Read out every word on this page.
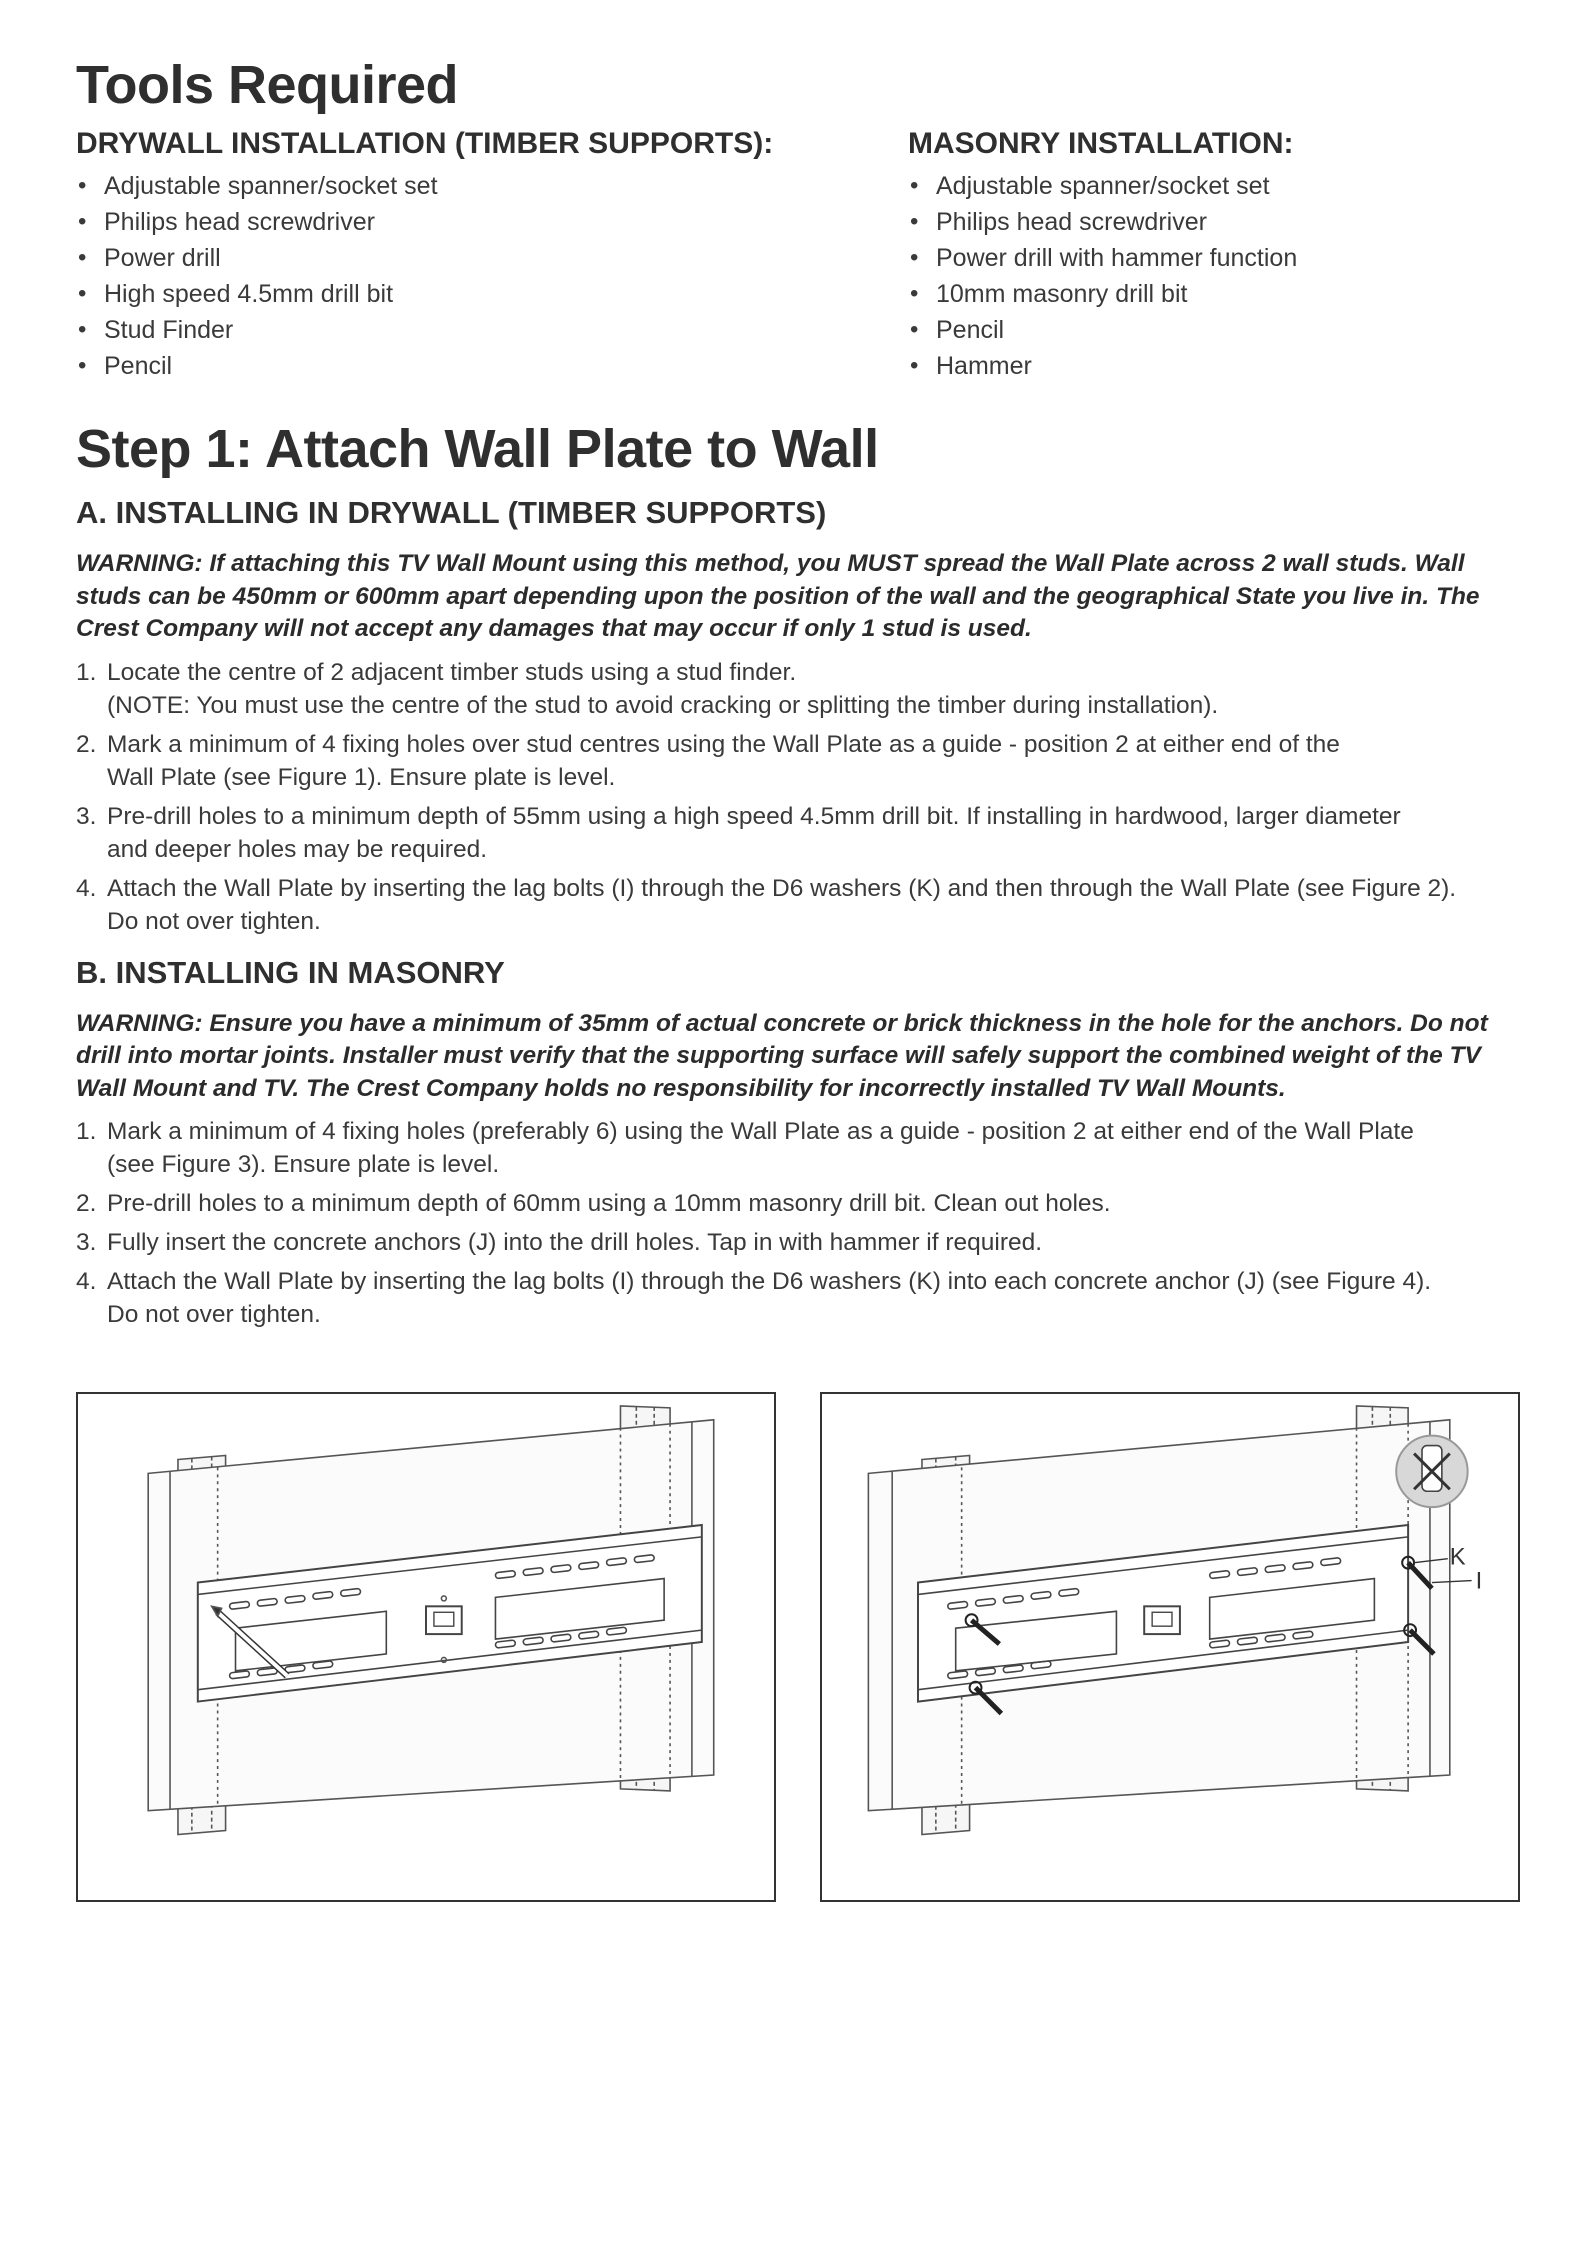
Tools Required
DRYWALL INSTALLATION (TIMBER SUPPORTS):
• Adjustable spanner/socket set
• Philips head screwdriver
• Power drill
• High speed 4.5mm drill bit
• Stud Finder
• Pencil
MASONRY INSTALLATION:
• Adjustable spanner/socket set
• Philips head screwdriver
• Power drill with hammer function
• 10mm masonry drill bit
• Pencil
• Hammer
Step 1: Attach Wall Plate to Wall
A. INSTALLING IN DRYWALL (TIMBER SUPPORTS)

WARNING: If attaching this TV Wall Mount using this method, you MUST spread the Wall Plate across 2 wall studs. Wall studs can be 450mm or 600mm apart depending upon the position of the wall and the geographical State you live in. The Crest Company will not accept any damages that may occur if only 1 stud is used.

1. Locate the centre of 2 adjacent timber studs using a stud finder.
(NOTE: You must use the centre of the stud to avoid cracking or splitting the timber during installation).
2. Mark a minimum of 4 fixing holes over stud centres using the Wall Plate as a guide - position 2 at either end of the
Wall Plate (see Figure 1). Ensure plate is level.
3. Pre-drill holes to a minimum depth of 55mm using a high speed 4.5mm drill bit. If installing in hardwood, larger diameter
and deeper holes may be required.
4. Attach the Wall Plate by inserting the lag bolts (I) through the D6 washers (K) and then through the Wall Plate (see Figure 2).
Do not over tighten.
B. INSTALLING IN MASONRY

WARNING: Ensure you have a minimum of 35mm of actual concrete or brick thickness in the hole for the anchors. Do not drill into mortar joints. Installer must verify that the supporting surface will safely support the combined weight of the TV Wall Mount and TV. The Crest Company holds no responsibility for incorrectly installed TV Wall Mounts.

1. Mark a minimum of 4 fixing holes (preferably 6) using the Wall Plate as a guide - position 2 at either end of the Wall Plate
(see Figure 3). Ensure plate is level.
2. Pre-drill holes to a minimum depth of 60mm using a 10mm masonry drill bit. Clean out holes.
3. Fully insert the concrete anchors (J) into the drill holes. Tap in with hammer if required.
4. Attach the Wall Plate by inserting the lag bolts (I) through the D6 washers (K) into each concrete anchor (J) (see Figure 4).
Do not over tighten.
K
I
